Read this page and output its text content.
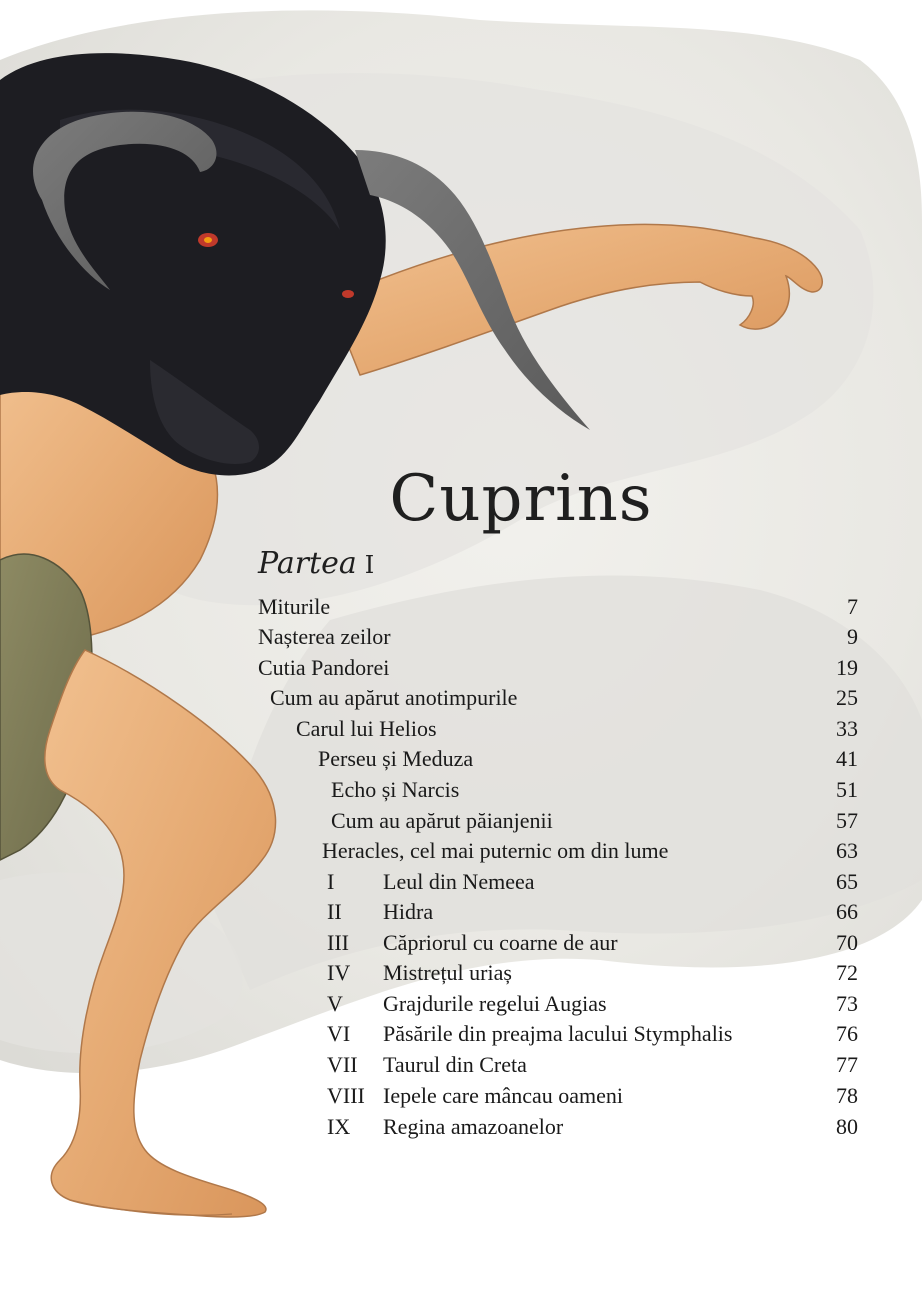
Cuprins
Partea I
Miturile	7
Nașterea zeilor	9
Cutia Pandorei	19
Cum au apărut anotimpurile	25
Carul lui Helios	33
Perseu și Meduza	41
Echo și Narcis	51
Cum au apărut păianjenii	57
Heracles, cel mai puternic om din lume	63
I Leul din Nemeea	65
II Hidra	66
III Căpriorul cu coarne de aur	70
IV Mistrețul uriaș	72
V Grajdurile regelui Augias	73
VI Păsările din preajma lacului Stymphalis	76
VII Taurul din Creta	77
VIII Iepele care mâncau oameni	78
IX Regina amazoanelor	80
